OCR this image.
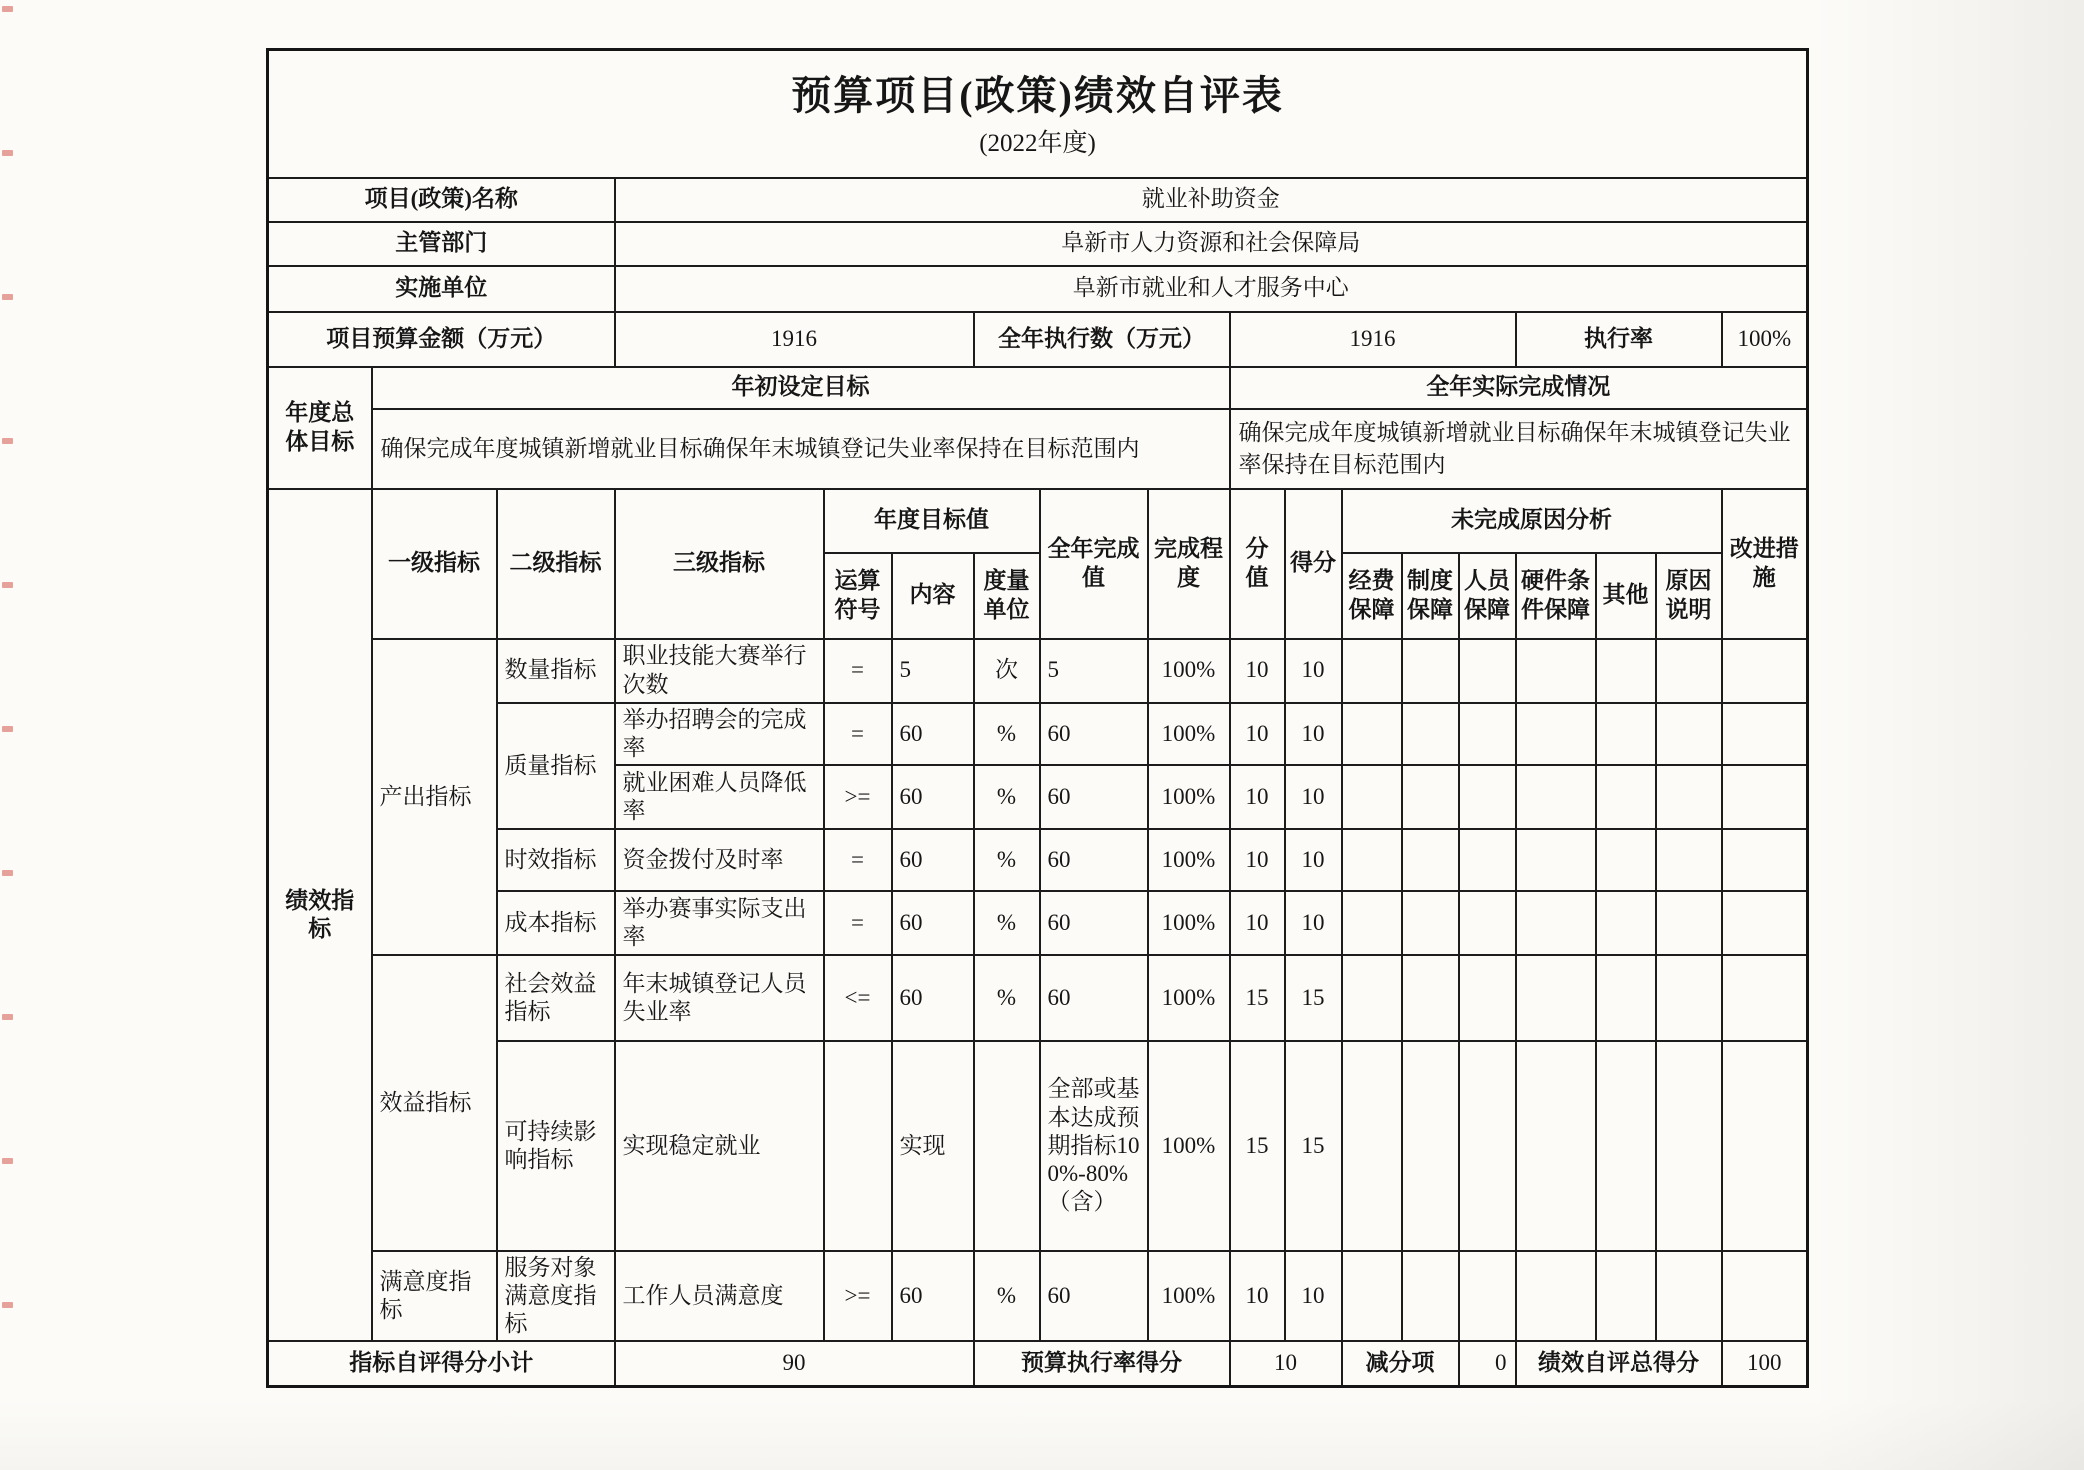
预算项目(政策)绩效自评表
(2022年度)																	

项目(政策)名称			就业补助资金														
主管部门			阜新市人力资源和社会保障局														
实施单位			阜新市就业和人才服务中心														
项目预算金额（万元）			1916			全年执行数（万元）			1916					执行率			100%
年度总体目标	年初设定目标								全年实际完成情况								
	确保完成年度城镇新增就业目标确保年末城镇登记失业率保持在目标范围内								确保完成年度城镇新增就业目标确保年末城镇登记失业率保持在目标范围内								
绩效指标	一级指标	二级指标	三级指标	年度目标值			全年完成值	完成程度	分值	得分	未完成原因分析						改进措施
				运算符号	内容	度量单位					经费保障	制度保障	人员保障	硬件条件保障	其他	原因说明	
	产出指标	数量指标	职业技能大赛举行次数	=	5	次	5	100%	10	10							
		质量指标	举办招聘会的完成率	=	60	%	60	100%	10	10							
			就业困难人员降低率	>=	60	%	60	100%	10	10							
		时效指标	资金拨付及时率	=	60	%	60	100%	10	10							
		成本指标	举办赛事实际支出率	=	60	%	60	100%	10	10							
	效益指标	社会效益指标	年末城镇登记人员失业率	<=	60	%	60	100%	15	15							
		可持续影响指标	实现稳定就业		实现		全部或基本达成预期指标100%-80%（含）	100%	15	15							
	满意度指标	服务对象满意度指标	工作人员满意度	>=	60	%	60	100%	10	10							
指标自评得分小计			90			预算执行率得分			10		减分项		0	绩效自评总得分			100
